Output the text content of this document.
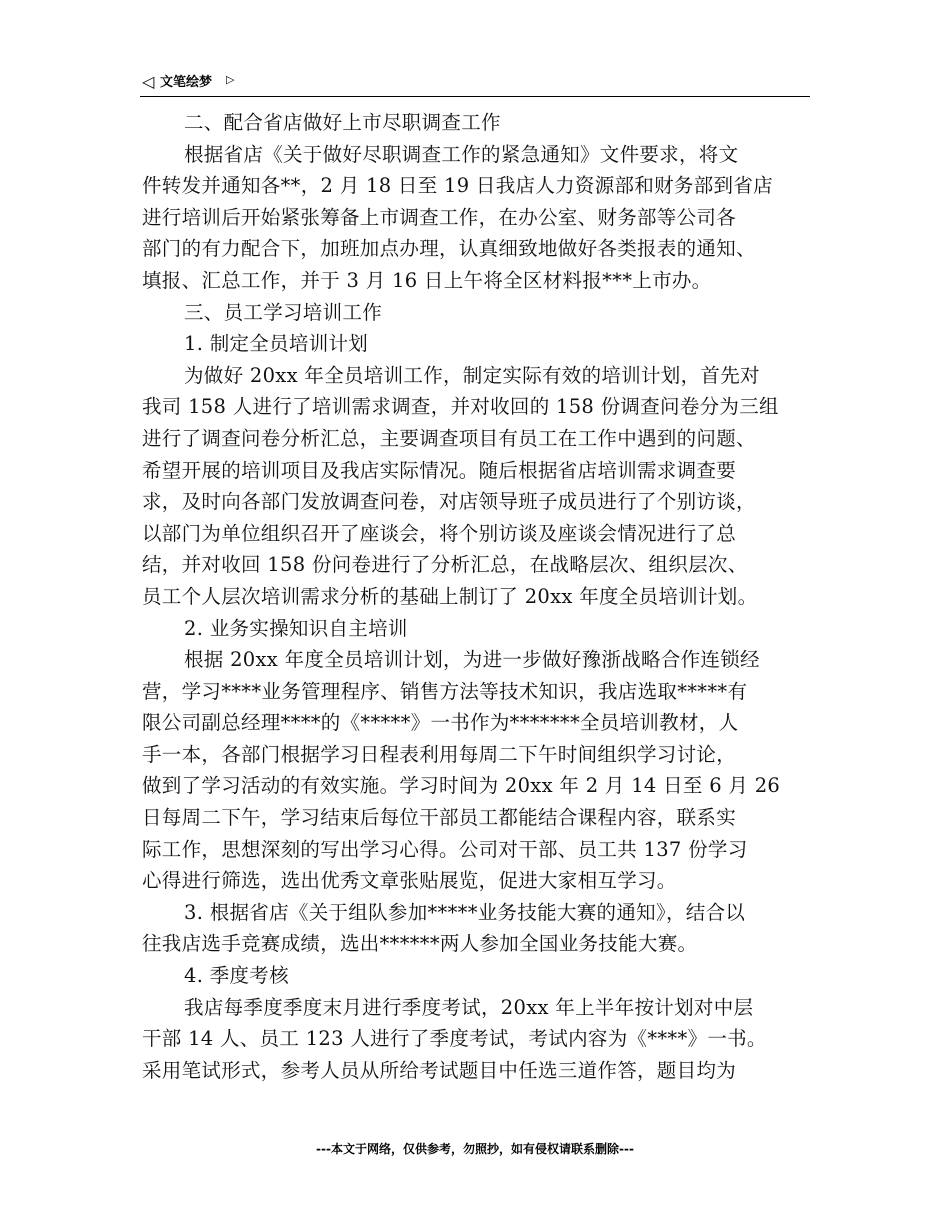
◁ 文笔绘梦 ▷
二、配合省店做好上市尽职调查工作
根据省店《关于做好尽职调查工作的紧急通知》文件要求，将文
件转发并通知各**，2 月 18 日至 19 日我店人力资源部和财务部到省店
进行培训后开始紧张筹备上市调查工作，在办公室、财务部等公司各
部门的有力配合下，加班加点办理，认真细致地做好各类报表的通知、
填报、汇总工作，并于 3 月 16 日上午将全区材料报***上市办。
三、员工学习培训工作
1. 制定全员培训计划
为做好 20xx 年全员培训工作，制定实际有效的培训计划，首先对
我司 158 人进行了培训需求调查，并对收回的 158 份调查问卷分为三组
进行了调查问卷分析汇总，主要调查项目有员工在工作中遇到的问题、
希望开展的培训项目及我店实际情况。随后根据省店培训需求调查要
求，及时向各部门发放调查问卷，对店领导班子成员进行了个别访谈，
以部门为单位组织召开了座谈会，将个别访谈及座谈会情况进行了总
结，并对收回 158 份问卷进行了分析汇总，在战略层次、组织层次、
员工个人层次培训需求分析的基础上制订了 20xx 年度全员培训计划。
2. 业务实操知识自主培训
根据 20xx 年度全员培训计划，为进一步做好豫浙战略合作连锁经
营，学习****业务管理程序、销售方法等技术知识，我店选取*****有
限公司副总经理****的《*****》一书作为*******全员培训教材，人
手一本，各部门根据学习日程表利用每周二下午时间组织学习讨论，
做到了学习活动的有效实施。学习时间为 20xx 年 2 月 14 日至 6 月 26
日每周二下午，学习结束后每位干部员工都能结合课程内容，联系实
际工作，思想深刻的写出学习心得。公司对干部、员工共 137 份学习
心得进行筛选，选出优秀文章张贴展览，促进大家相互学习。
3. 根据省店《关于组队参加*****业务技能大赛的通知》，结合以
往我店选手竞赛成绩，选出******两人参加全国业务技能大赛。
4. 季度考核
我店每季度季度末月进行季度考试，20xx 年上半年按计划对中层
干部 14 人、员工 123 人进行了季度考试，考试内容为《****》一书。
采用笔试形式，参考人员从所给考试题目中任选三道作答，题目均为
---本文于网络，仅供参考，勿照抄，如有侵权请联系删除---
